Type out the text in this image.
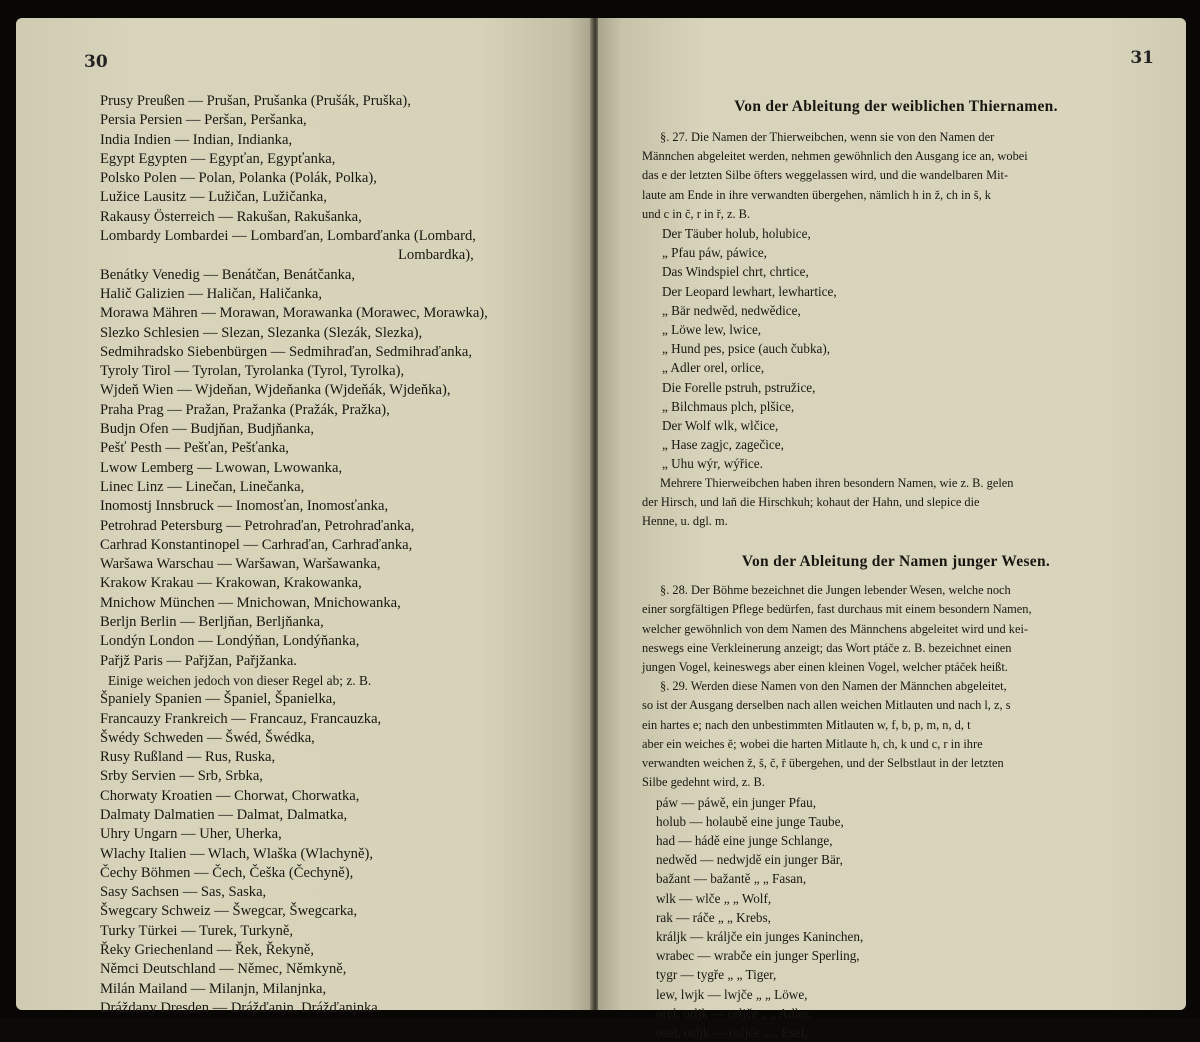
30
Prusy Preußen — Prušan, Prušanka (Prušák, Pruška),
Persia Persien — Peršan, Peršanka,
India Indien — Indian, Indianka,
Egypt Egypten — Egypťan, Egypťanka,
Polsko Polen — Polan, Polanka (Polák, Polka),
Lužice Lausitz — Lužičan, Lužičanka,
Rakausy Österreich — Rakušan, Rakušanka,
Lombardy Lombardei — Lombarďan, Lombarďanka (Lombard,
Lombardka),
Benátky Venedig — Benátčan, Benátčanka,
Halič Galizien — Haličan, Haličanka,
Morawa Mähren — Morawan, Morawanka (Morawec, Morawka),
Slezko Schlesien — Slezan, Slezanka (Slezák, Slezka),
Sedmihradsko Siebenbürgen — Sedmihraďan, Sedmihraďanka,
Tyroly Tirol — Tyrolan, Tyrolanka (Tyrol, Tyrolka),
Wjdeň Wien — Wjdeňan, Wjdeňanka (Wjdeňák, Wjdeňka),
Praha Prag — Pražan, Pražanka (Pražák, Pražka),
Budjn Ofen — Budjňan, Budjňanka,
Pešť Pesth — Pešťan, Pešťanka,
Lwow Lemberg — Lwowan, Lwowanka,
Linec Linz — Linečan, Linečanka,
Inomostj Innsbruck — Inomosťan, Inomosťanka,
Petrohrad Petersburg — Petrohraďan, Petrohraďanka,
Carhrad Konstantinopel — Carhraďan, Carhraďanka,
Waršawa Warschau — Waršawan, Waršawanka,
Krakow Krakau — Krakowan, Krakowanka,
Mnichow München — Mnichowan, Mnichowanka,
Berljn Berlin — Berljňan, Berljňanka,
Londýn London — Londýňan, Londýňanka,
Pařjž Paris — Pařjžan, Pařjžanka.
Einige weichen jedoch von dieser Regel ab; z. B.
Španiely Spanien — Španiel, Španielka,
Francauzy Frankreich — Francauz, Francauzka,
Šwédy Schweden — Šwéd, Šwédka,
Rusy Rußland — Rus, Ruska,
Srby Servien — Srb, Srbka,
Chorwaty Kroatien — Chorwat, Chorwatka,
Dalmaty Dalmatien — Dalmat, Dalmatka,
Uhry Ungarn — Uher, Uherka,
Wlachy Italien — Wlach, Wlaška (Wlachyně),
Čechy Böhmen — Čech, Češka (Čechyně),
Sasy Sachsen — Sas, Saska,
Šwegcary Schweiz — Šwegcar, Šwegcarka,
Turky Türkei — Turek, Turkyně,
Řeky Griechenland — Řek, Řekyně,
Němci Deutschland — Němec, Němkyně,
Milán Mailand — Milanjn, Milanjnka,
Dráždany Dresden — Drážďanjn, Drážďanjnka.
31
Von der Ableitung der weiblichen Thiernamen.
§. 27. Die Namen der Thierweibchen, wenn sie von den Namen der
Männchen abgeleitet werden, nehmen gewöhnlich den Ausgang ice an, wobei
das e der letzten Silbe öfters weggelassen wird, und die wandelbaren Mit-
laute am Ende in ihre verwandten übergehen, nämlich h in ž, ch in š, k
und c in č, r in ř, z. B.
Der Täuber holub, holubice,
„ Pfau páw, páwice,
Das Windspiel chrt, chrtice,
Der Leopard lewhart, lewhartice,
„ Bär nedwěd, nedwědice,
„ Löwe lew, lwice,
„ Hund pes, psice (auch čubka),
„ Adler orel, orlice,
Die Forelle pstruh, pstružice,
„ Bilchmaus plch, plšice,
Der Wolf wlk, wlčice,
„ Hase zagjc, zagečice,
„ Uhu wýr, wýřice.
Mehrere Thierweibchen haben ihren besondern Namen, wie z. B. gelen
der Hirsch, und laň die Hirschkuh; kohaut der Hahn, und slepice die
Henne, u. dgl. m.
Von der Ableitung der Namen junger Wesen.
§. 28. Der Böhme bezeichnet die Jungen lebender Wesen, welche noch
einer sorgfältigen Pflege bedürfen, fast durchaus mit einem besondern Namen,
welcher gewöhnlich von dem Namen des Männchens abgeleitet wird und kei-
neswegs eine Verkleinerung anzeigt; das Wort ptáče z. B. bezeichnet einen
jungen Vogel, keineswegs aber einen kleinen Vogel, welcher ptáček heißt.
§. 29. Werden diese Namen von den Namen der Männchen abgeleitet,
so ist der Ausgang derselben nach allen weichen Mitlauten und nach l, z, s
ein hartes e; nach den unbestimmten Mitlauten w, f, b, p, m, n, d, t
aber ein weiches ě; wobei die harten Mitlaute h, ch, k und c, r in ihre
verwandten weichen ž, š, č, ř übergehen, und der Selbstlaut in der letzten
Silbe gedehnt wird, z. B.
páw — páwě, ein junger Pfau,
holub — holaubě eine junge Taube,
had — hádě eine junge Schlange,
nedwěd — nedwjdě ein junger Bär,
bažant — bažantě „ „ Fasan,
wlk — wlče „ „ Wolf,
rak — ráče „ „ Krebs,
králjk — králjče ein junges Kaninchen,
wrabec — wrabče ein junger Sperling,
tygr — tygře „ „ Tiger,
lew, lwjk — lwjče „ „ Löwe,
orel, orljk — orljče „ „ Adler,
osel, osljk — osljče „ „ Esel,
